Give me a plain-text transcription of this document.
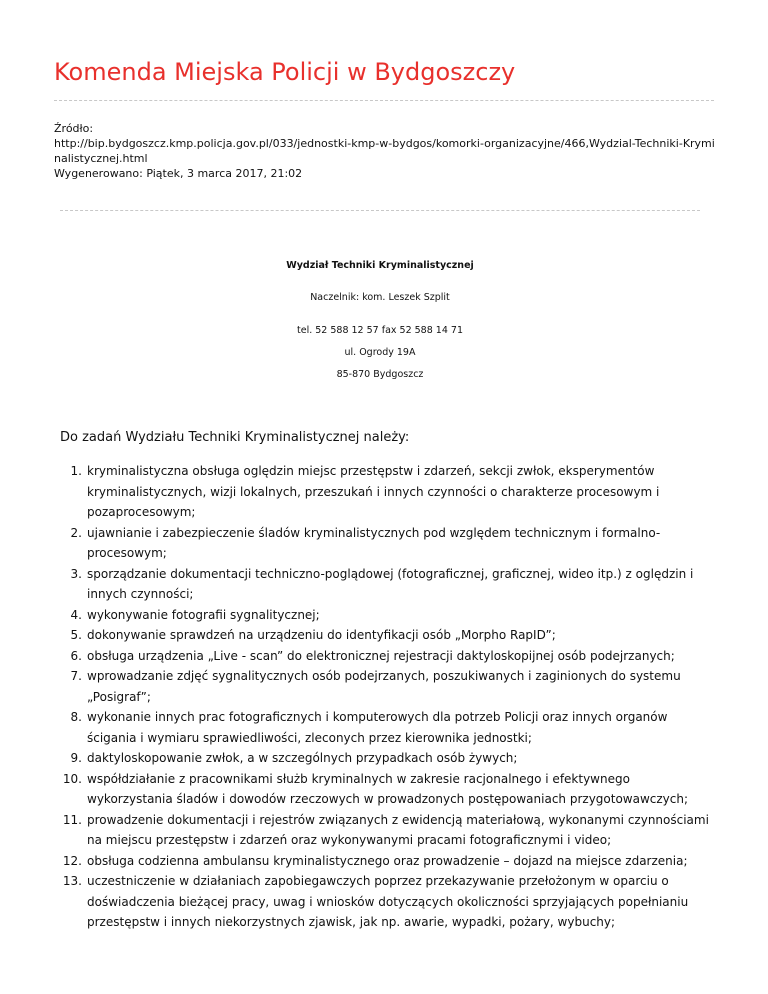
Komenda Miejska Policji w Bydgoszczy
Źródło:
http://bip.bydgoszcz.kmp.policja.gov.pl/033/jednostki-kmp-w-bydgos/komorki-organizacyjne/466,Wydzial-Techniki-Kryminalistycznej.html
Wygenerowano: Piątek, 3 marca 2017, 21:02
Wydział Techniki Kryminalistycznej
Naczelnik: kom. Leszek Szplit
tel. 52 588 12 57 fax 52 588 14 71
ul. Ogrody 19A
85-870 Bydgoszcz
Do zadań Wydziału Techniki Kryminalistycznej należy:
1. kryminalistyczna obsługa oględzin miejsc przestępstw i zdarzeń, sekcji zwłok, eksperymentów kryminalistycznych, wizji lokalnych, przeszukań i innych czynności o charakterze procesowym i pozaprocesowym;
2. ujawnianie i zabezpieczenie śladów kryminalistycznych pod względem technicznym i formalno-procesowym;
3. sporządzanie dokumentacji techniczno-poglądowej (fotograficznej, graficznej, wideo itp.) z oględzin i innych czynności;
4. wykonywanie fotografii sygnalitycznej;
5. dokonywanie sprawdzeń na urządzeniu do identyfikacji osób „Morpho RapID”;
6. obsługa urządzenia „Live - scan” do elektronicznej rejestracji daktyloskopijnej osób podejrzanych;
7. wprowadzanie zdjęć sygnalitycznych osób podejrzanych, poszukiwanych i zaginionych do systemu „Posigraf”;
8. wykonanie innych prac fotograficznych i komputerowych dla potrzeb Policji oraz innych organów ścigania i wymiaru sprawiedliwości, zleconych przez kierownika jednostki;
9. daktyloskopowanie zwłok, a w szczególnych przypadkach osób żywych;
10. współdziałanie z pracownikami służb kryminalnych w zakresie racjonalnego i efektywnego wykorzystania śladów i dowodów rzeczowych w prowadzonych postępowaniach przygotowawczych;
11. prowadzenie dokumentacji i rejestrów związanych z ewidencją materiałową, wykonanymi czynnościami na miejscu przestępstw i zdarzeń oraz wykonywanymi pracami fotograficznymi i video;
12. obsługa codzienna ambulansu kryminalistycznego oraz prowadzenie – dojazd na miejsce zdarzenia;
13. uczestniczenie w działaniach zapobiegawczych poprzez przekazywanie przełożonym w oparciu o doświadczenia bieżącej pracy, uwag i wniosków dotyczących okoliczności sprzyjających popełnianiu przestępstw i innych niekorzystnych zjawisk, jak np. awarie, wypadki, pożary, wybuchy;
